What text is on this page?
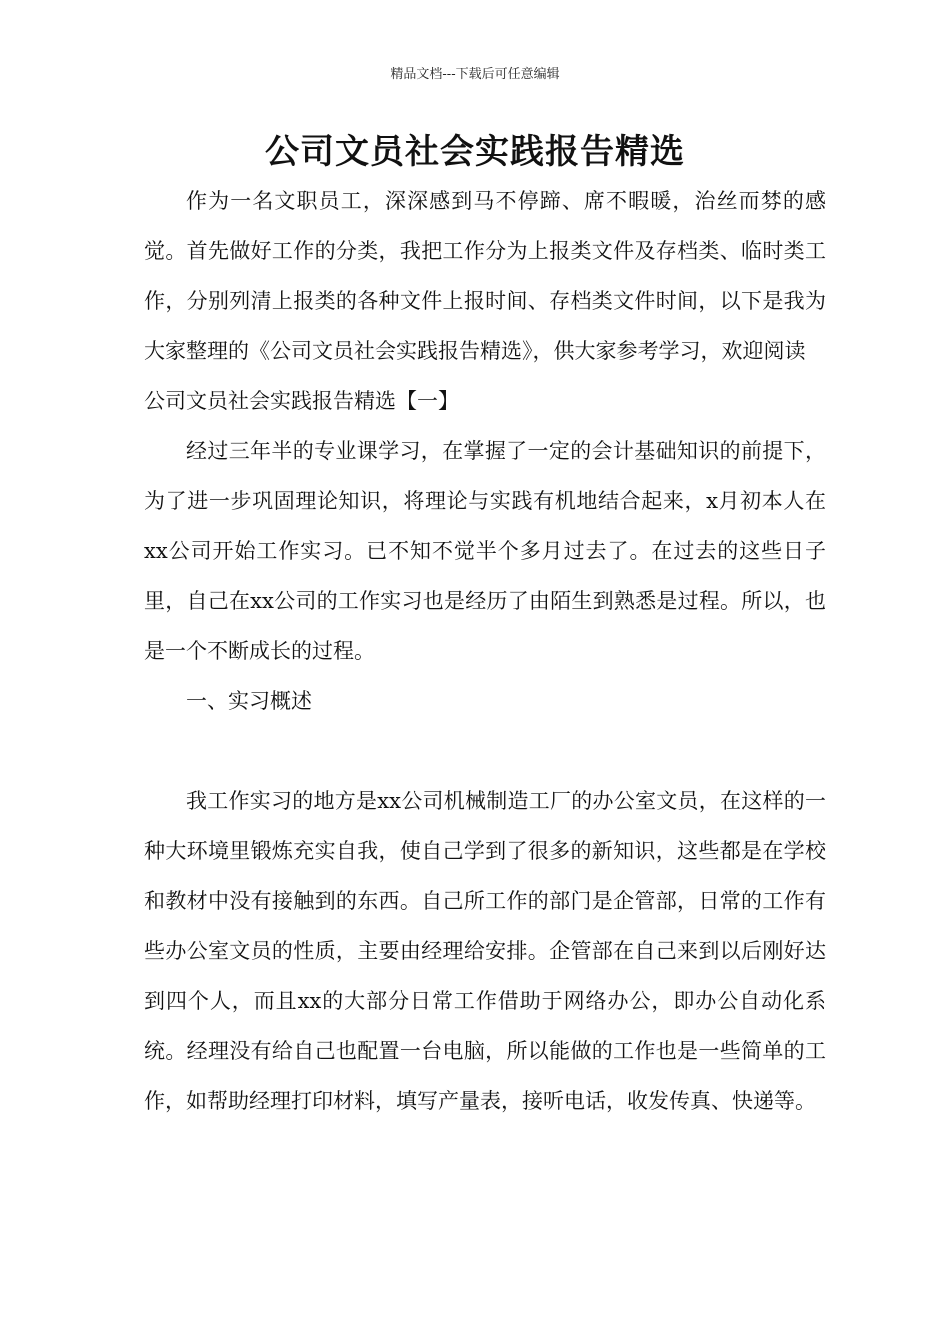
精品文档---下载后可任意编辑
公司文员社会实践报告精选

作为一名文职员工，深深感到马不停蹄、席不暇暖，治丝而棼的感觉。首先做好工作的分类，我把工作分为上报类文件及存档类、临时类工作，分别列清上报类的各种文件上报时间、存档类文件时间，以下是我为大家整理的《公司文员社会实践报告精选》，供大家参考学习，欢迎阅读

公司文员社会实践报告精选【一】

经过三年半的专业课学习，在掌握了一定的会计基础知识的前提下，为了进一步巩固理论知识，将理论与实践有机地结合起来，x月初本人在xx公司开始工作实习。已不知不觉半个多月过去了。在过去的这些日子里，自己在xx公司的工作实习也是经历了由陌生到熟悉是过程。所以，也是一个不断成长的过程。

一、实习概述

我工作实习的地方是xx公司机械制造工厂的办公室文员，在这样的一种大环境里锻炼充实自我，使自己学到了很多的新知识，这些都是在学校和教材中没有接触到的东西。自己所工作的部门是企管部，日常的工作有些办公室文员的性质，主要由经理给安排。企管部在自己来到以后刚好达到四个人，而且xx的大部分日常工作借助于网络办公，即办公自动化系统。经理没有给自己也配置一台电脑，所以能做的工作也是一些简单的工作，如帮助经理打印材料，填写产量表，接听电话，收发传真、快递等。
